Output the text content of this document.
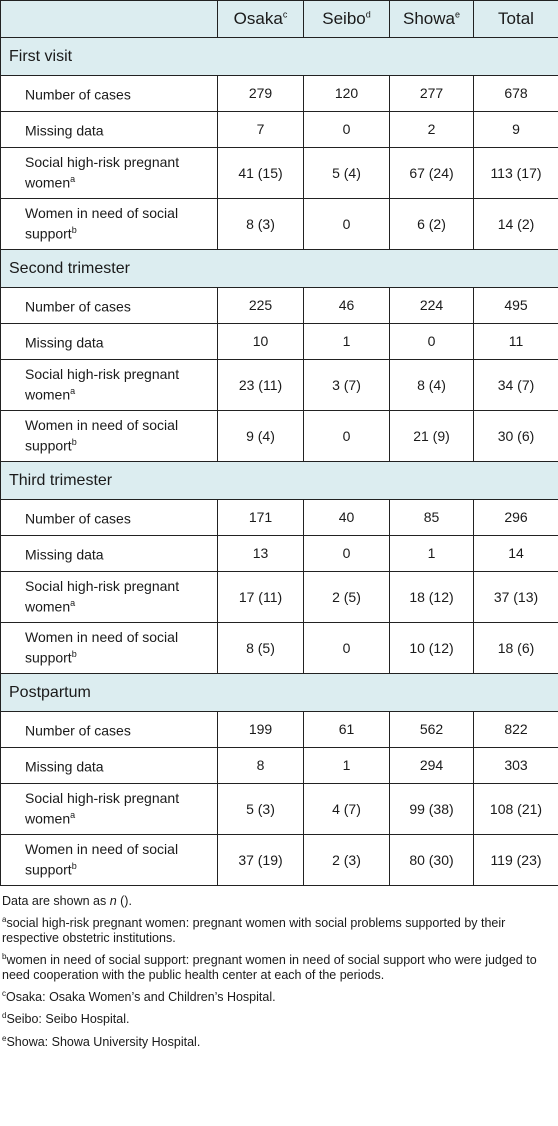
	Osaka$^c$	Seibo$^d$	Showa$^e$	Total
First visit				
Number of cases	279	120	277	678
Missing data	7	0	2	9
Social high-risk pregnant women$^a$	41 (15)	5 (4)	67 (24)	113 (17)
Women in need of social support$^b$	8 (3)	0	6 (2)	14 (2)
Second trimester				
Number of cases	225	46	224	495
Missing data	10	1	0	11
Social high-risk pregnant women$^a$	23 (11)	3 (7)	8 (4)	34 (7)
Women in need of social support$^b$	9 (4)	0	21 (9)	30 (6)
Third trimester				
Number of cases	171	40	85	296
Missing data	13	0	1	14
Social high-risk pregnant women$^a$	17 (11)	2 (5)	18 (12)	37 (13)
Women in need of social support$^b$	8 (5)	0	10 (12)	18 (6)
Postpartum				
Number of cases	199	61	562	822
Missing data	8	1	294	303
Social high-risk pregnant women$^a$	5 (3)	4 (7)	99 (38)	108 (21)
Women in need of social support$^b$	37 (19)	2 (3)	80 (30)	119 (23)
Data are shown as n ().
$^a$social high-risk pregnant women: pregnant women with social problems supported by their respective obstetric institutions.
$^b$women in need of social support: pregnant women in need of social support who were judged to need cooperation with the public health center at each of the periods.
$^c$Osaka: Osaka Women’s and Children’s Hospital.
$^d$Seibo: Seibo Hospital.
$^e$Showa: Showa University Hospital.
